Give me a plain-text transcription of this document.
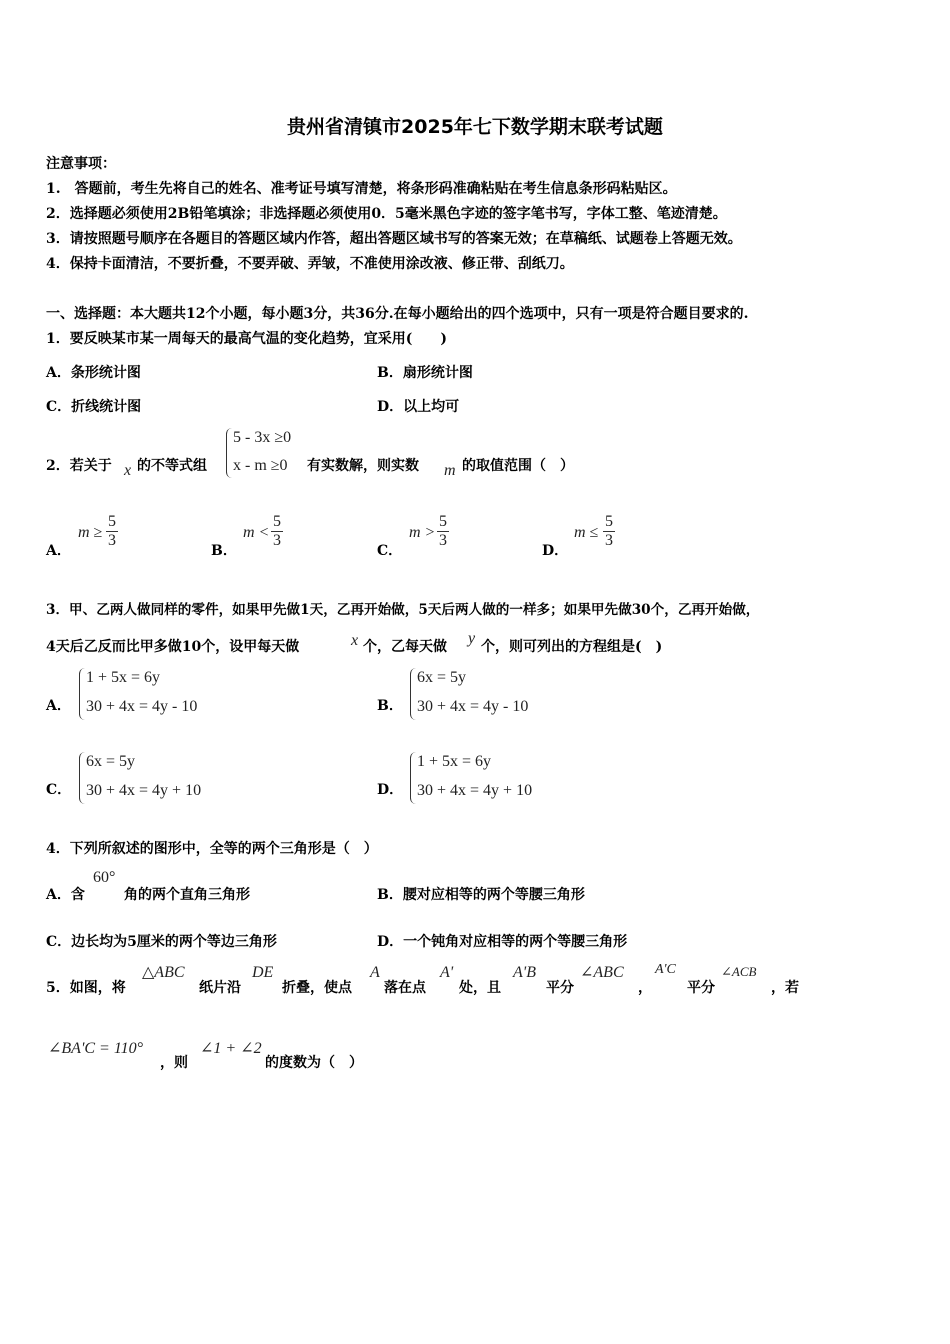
贵州省清镇市2025年七下数学期末联考试题
注意事项：
1.　答题前，考生先将自己的姓名、准考证号填写清楚，将条形码准确粘贴在考生信息条形码粘贴区。
2．选择题必须使用2B铅笔填涂；非选择题必须使用0．5毫米黑色字迹的签字笔书写，字体工整、笔迹清楚。
3．请按照题号顺序在各题目的答题区域内作答，超出答题区域书写的答案无效；在草稿纸、试题卷上答题无效。
4．保持卡面清洁，不要折叠，不要弄破、弄皱，不准使用涂改液、修正带、刮纸刀。
一、选择题：本大题共12个小题，每小题3分，共36分.在每小题给出的四个选项中，只有一项是符合题目要求的.
1．要反映某市某一周每天的最高气温的变化趋势，宜采用(　　)
A．条形统计图	B．扇形统计图
C．折线统计图	D．以上均可
2．若关于 x 的不等式组
5 - 3x ≥0
x - m ≥0 有实数解，则实数 m 的取值范围（　）
A．
$m \ge \frac{5}{3}$
B．
$m < \frac{5}{3}$
C．
$m > \frac{5}{3}$
D．
$m \le \frac{5}{3}$
3．甲、乙两人做同样的零件，如果甲先做1天，乙再开始做，5天后两人做的一样多；如果甲先做30个，乙再开始做，
4天后乙反而比甲多做10个，设甲每天做	x 个，乙每天做 y 个，则可列出的方程组是(　)
A．
1 + 5x = 6y
30 + 4x = 4y - 10	B．
6x = 5y
30 + 4x = 4y - 10
C．
6x = 5y
30 + 4x = 4y + 10	D．
1 + 5x = 6y
30 + 4x = 4y + 10
4．下列所叙述的图形中，全等的两个三角形是（　）
A．含
60°
角的两个直角三角形	B．腰对应相等的两个等腰三角形
C．边长均为5厘米的两个等边三角形	D．一个钝角对应相等的两个等腰三角形
5．如图，将
△ABC
纸片沿
DE
折叠，使点
A
落在点
A'
处，且
A'B
平分
∠ABC
，
A'C
平分
∠ACB
，若
∠BA'C = 110°
，则
∠1 + ∠2
的度数为（　）
